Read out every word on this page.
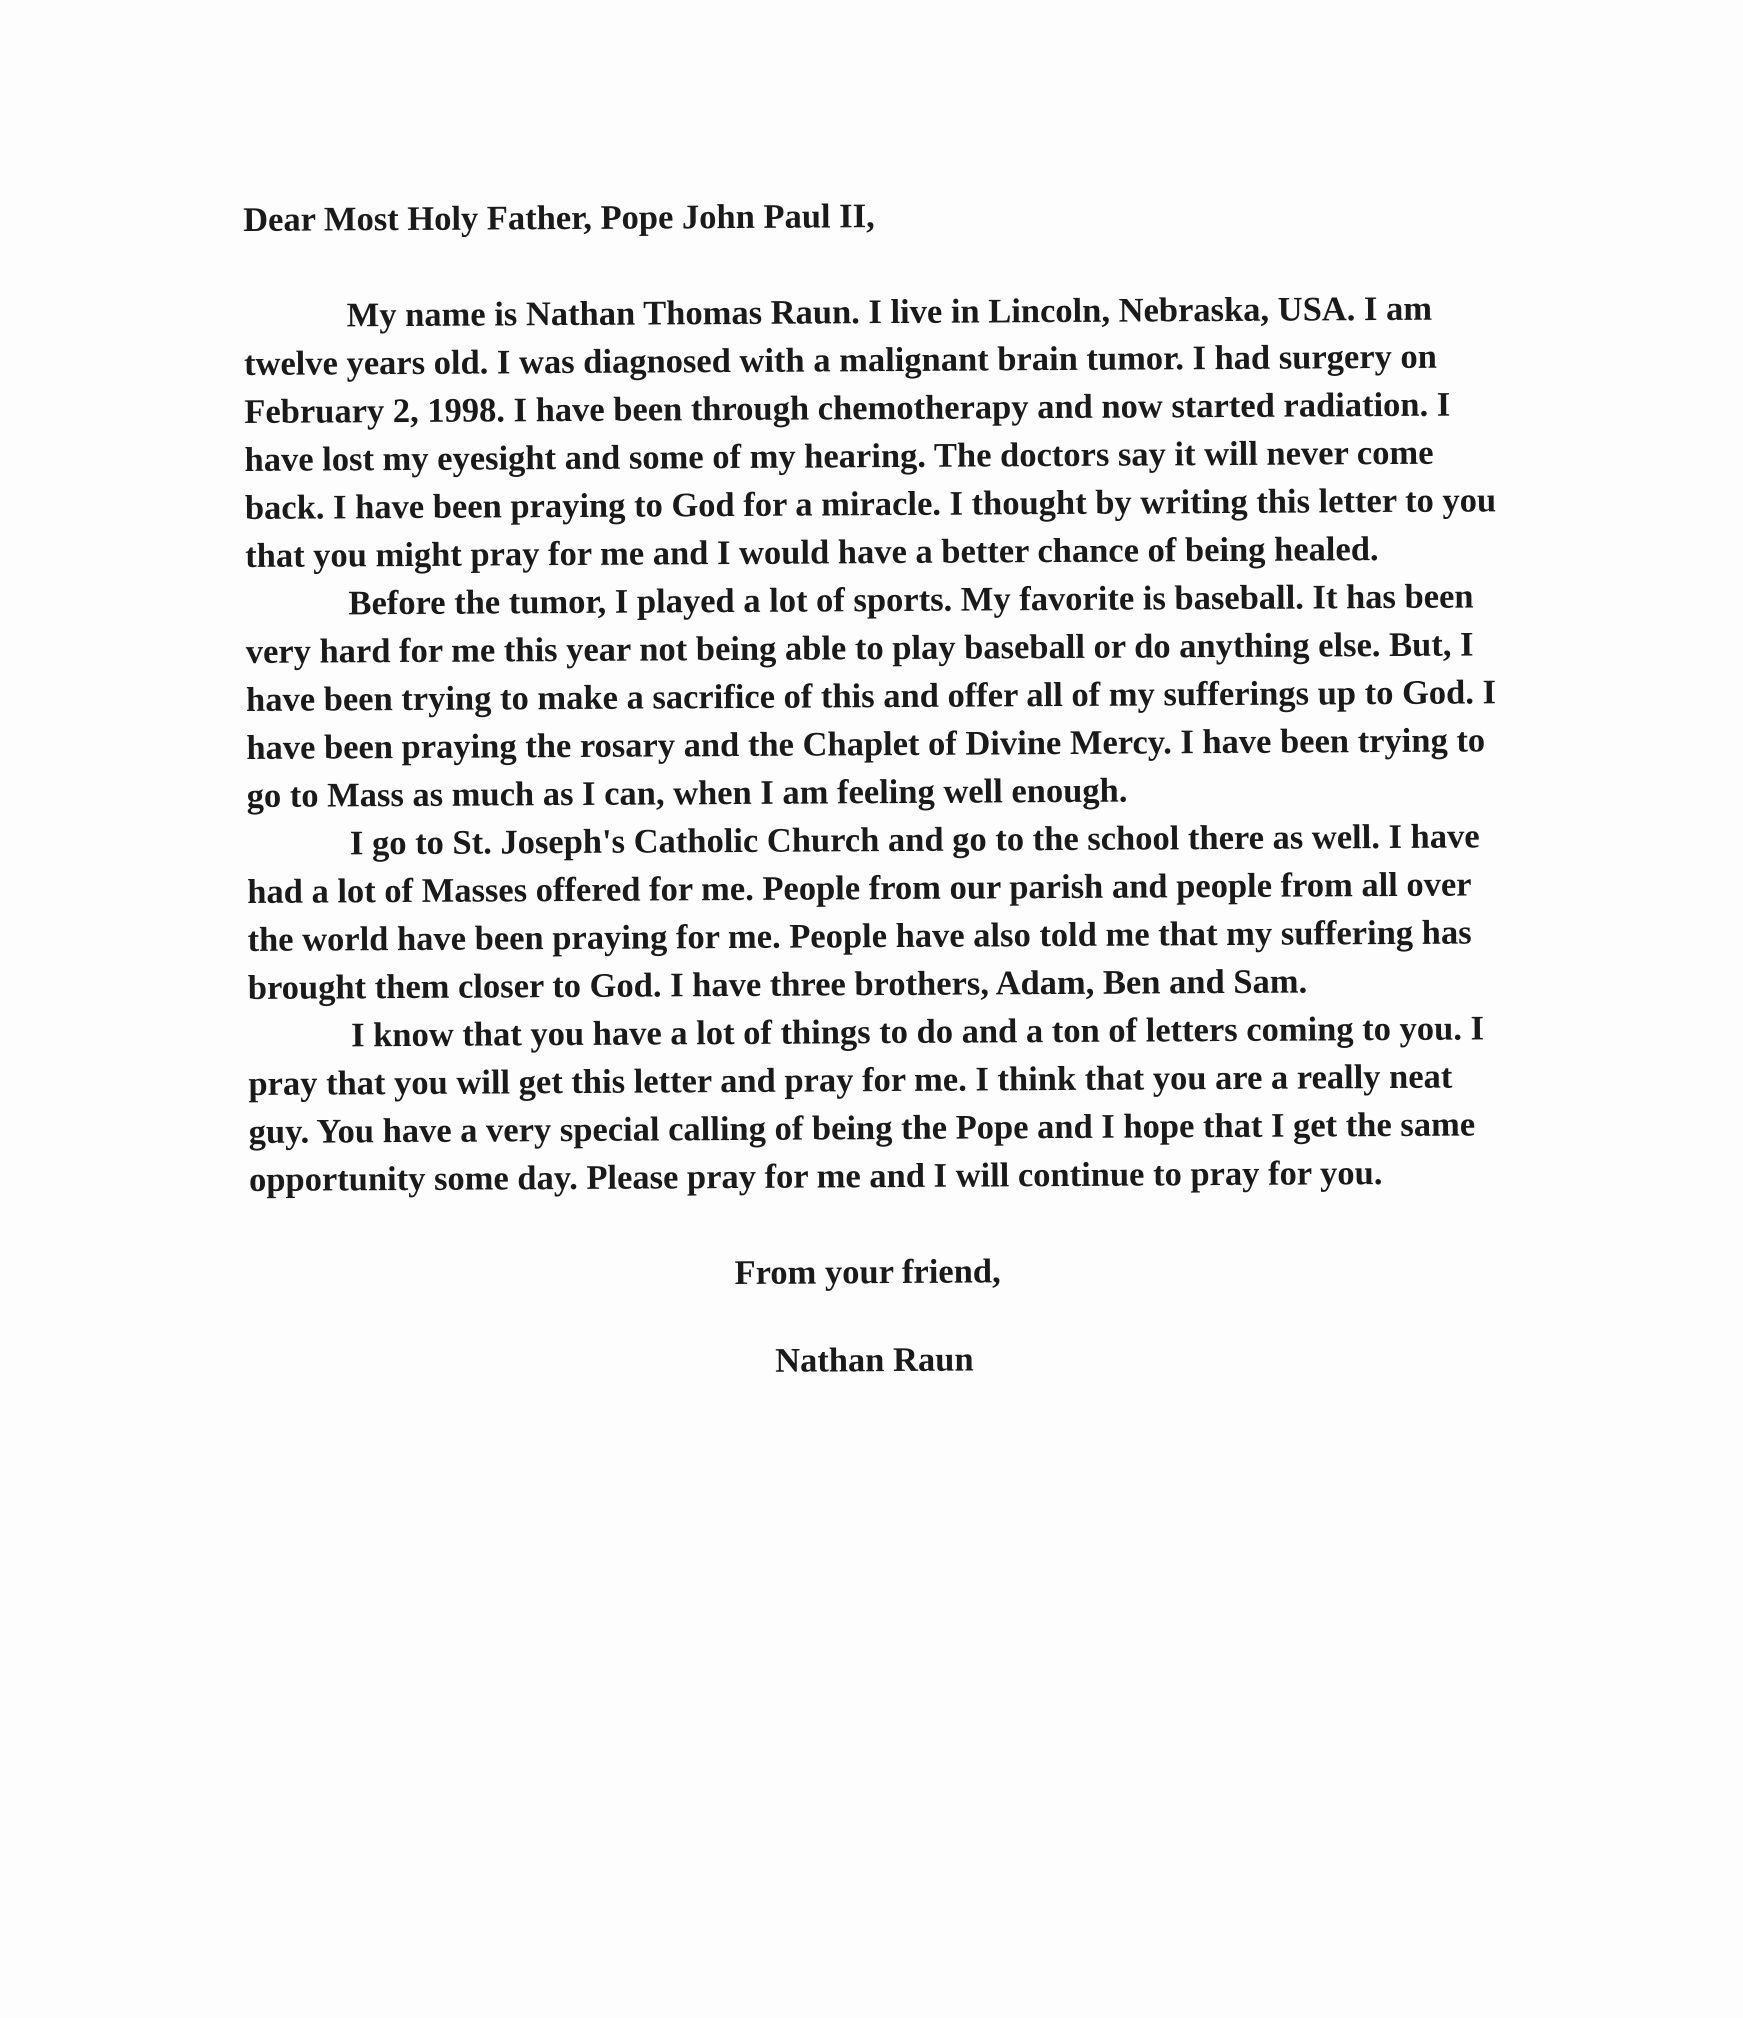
Dear Most Holy Father, Pope John Paul II,

My name is Nathan Thomas Raun. I live in Lincoln, Nebraska, USA. I am twelve years old. I was diagnosed with a malignant brain tumor. I had surgery on February 2, 1998. I have been through chemotherapy and now started radiation. I have lost my eyesight and some of my hearing. The doctors say it will never come back. I have been praying to God for a miracle. I thought by writing this letter to you that you might pray for me and I would have a better chance of being healed.

Before the tumor, I played a lot of sports. My favorite is baseball. It has been very hard for me this year not being able to play baseball or do anything else. But, I have been trying to make a sacrifice of this and offer all of my sufferings up to God. I have been praying the rosary and the Chaplet of Divine Mercy. I have been trying to go to Mass as much as I can, when I am feeling well enough.

I go to St. Joseph's Catholic Church and go to the school there as well. I have had a lot of Masses offered for me. People from our parish and people from all over the world have been praying for me. People have also told me that my suffering has brought them closer to God. I have three brothers, Adam, Ben and Sam.

I know that you have a lot of things to do and a ton of letters coming to you. I pray that you will get this letter and pray for me. I think that you are a really neat guy. You have a very special calling of being the Pope and I hope that I get the same opportunity some day. Please pray for me and I will continue to pray for you.

From your friend,

Nathan Raun
